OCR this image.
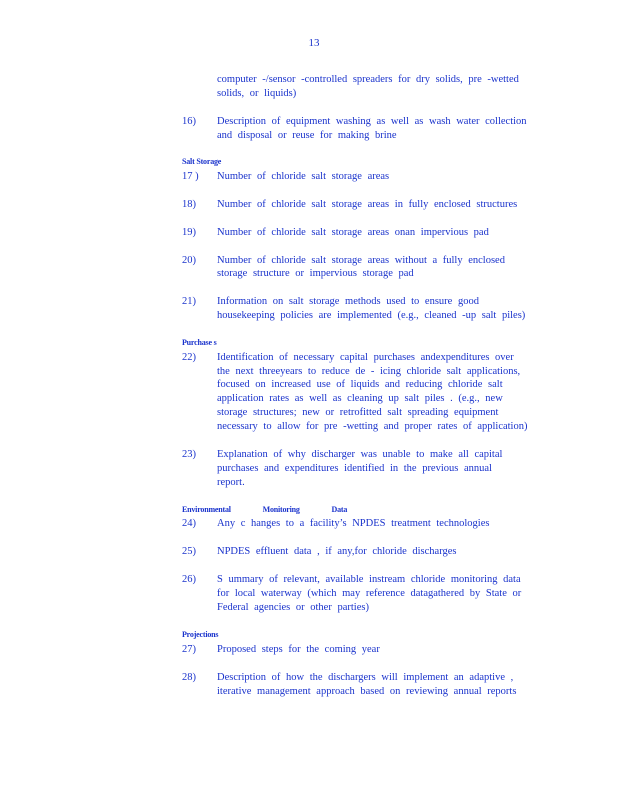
13
computer -/sensor -controlled spreaders for dry solids, pre -wetted
solids, or liquids)
16) Description of equipment washing as well as wash water collection
and disposal or reuse for making brine
Salt Storage
17 ) Number of chloride salt storage areas
18) Number of chloride salt storage areas in fully enclosed structures
19) Number of chloride salt storage areas onan impervious pad
20) Number of chloride salt storage areas without a fully enclosed
storage structure or impervious storage pad
21) Information on salt storage methods used to ensure good
housekeeping policies are implemented (e.g., cleaned -up salt piles)
Purchase s
22) Identification of necessary capital purchases andexpenditures over
the next threeyears to reduce de - icing chloride salt applications,
focused on increased use of liquids and reducing chloride salt
application rates as well as cleaning up salt piles . (e.g., new
storage structures; new or retrofitted salt spreading equipment
necessary to allow for pre -wetting and proper rates of application)
23) Explanation of why discharger was unable to make all capital
purchases and expenditures identified in the previous annual
report.
Environmental Monitoring Data
24) Any c hanges to a facility’s NPDES treatment technologies
25) NPDES effluent data , if any,for chloride discharges
26) S ummary of relevant, available instream chloride monitoring data
for local waterway (which may reference datagathered by State or
Federal agencies or other parties)
Projections
27) Proposed steps for the coming year
28) Description of how the dischargers will implement an adaptive ,
iterative management approach based on reviewing annual reports
